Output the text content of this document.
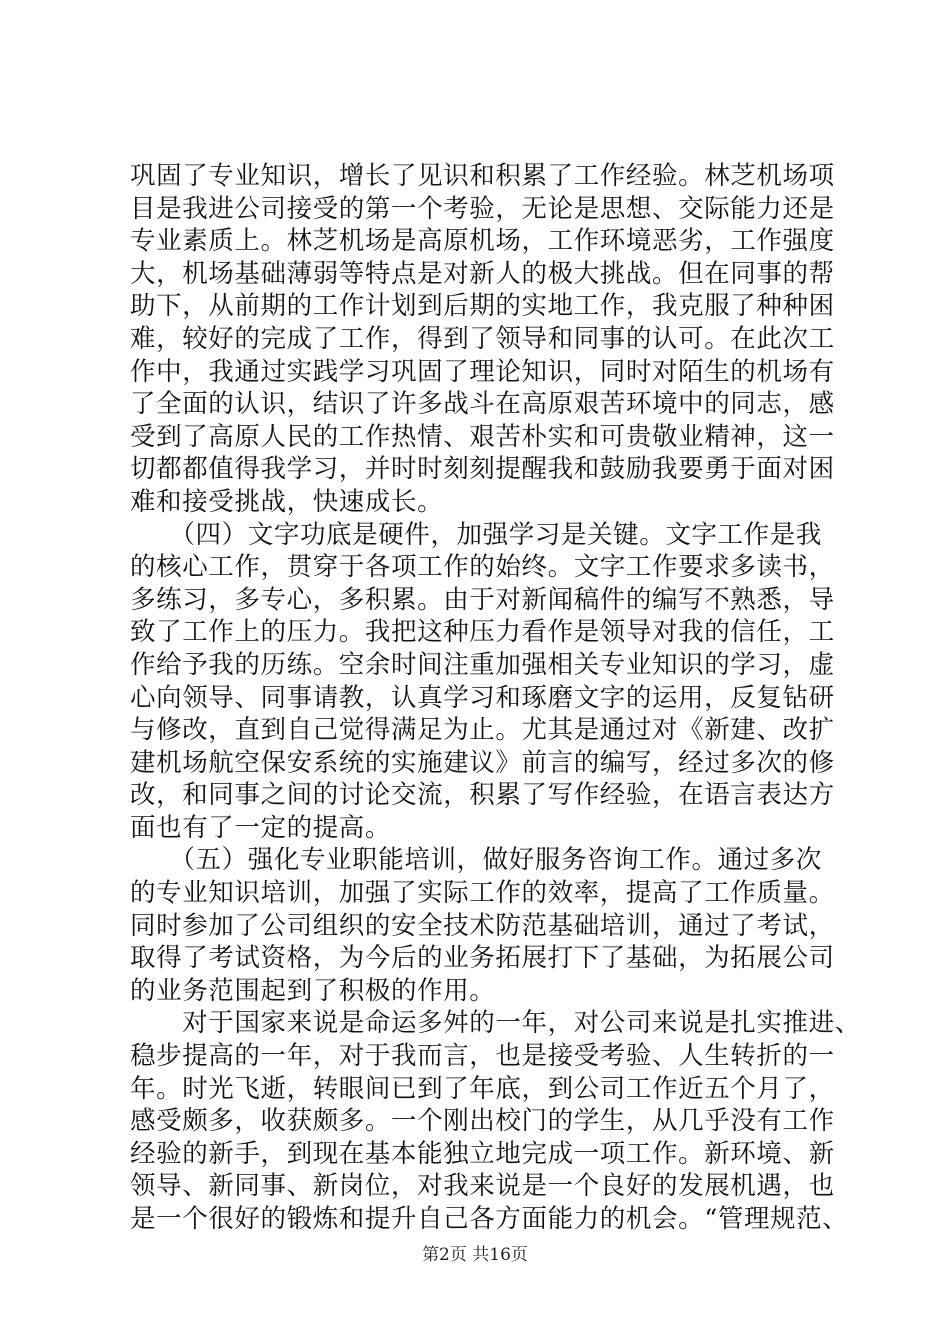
巩固了专业知识，增长了见识和积累了工作经验。林芝机场项
目是我进公司接受的第一个考验，无论是思想、交际能力还是
专业素质上。林芝机场是高原机场，工作环境恶劣，工作强度
大，机场基础薄弱等特点是对新人的极大挑战。但在同事的帮
助下，从前期的工作计划到后期的实地工作，我克服了种种困
难，较好的完成了工作，得到了领导和同事的认可。在此次工
作中，我通过实践学习巩固了理论知识，同时对陌生的机场有
了全面的认识，结识了许多战斗在高原艰苦环境中的同志，感
受到了高原人民的工作热情、艰苦朴实和可贵敬业精神，这一
切都都值得我学习，并时时刻刻提醒我和鼓励我要勇于面对困
难和接受挑战，快速成长。
　　（四）文字功底是硬件，加强学习是关键。文字工作是我
的核心工作，贯穿于各项工作的始终。文字工作要求多读书，
多练习，多专心，多积累。由于对新闻稿件的编写不熟悉，导
致了工作上的压力。我把这种压力看作是领导对我的信任，工
作给予我的历练。空余时间注重加强相关专业知识的学习，虚
心向领导、同事请教，认真学习和琢磨文字的运用，反复钻研
与修改，直到自己觉得满足为止。尤其是通过对《新建、改扩
建机场航空保安系统的实施建议》前言的编写，经过多次的修
改，和同事之间的讨论交流，积累了写作经验，在语言表达方
面也有了一定的提高。
　　（五）强化专业职能培训，做好服务咨询工作。通过多次
的专业知识培训，加强了实际工作的效率，提高了工作质量。
同时参加了公司组织的安全技术防范基础培训，通过了考试，
取得了考试资格，为今后的业务拓展打下了基础，为拓展公司
的业务范围起到了积极的作用。
　　对于国家来说是命运多舛的一年，对公司来说是扎实推进、
稳步提高的一年，对于我而言，也是接受考验、人生转折的一
年。时光飞逝，转眼间已到了年底，到公司工作近五个月了，
感受颇多，收获颇多。一个刚出校门的学生，从几乎没有工作
经验的新手，到现在基本能独立地完成一项工作。新环境、新
领导、新同事、新岗位，对我来说是一个良好的发展机遇，也
是一个很好的锻炼和提升自己各方面能力的机会。“管理规范、
第2页 共16页
